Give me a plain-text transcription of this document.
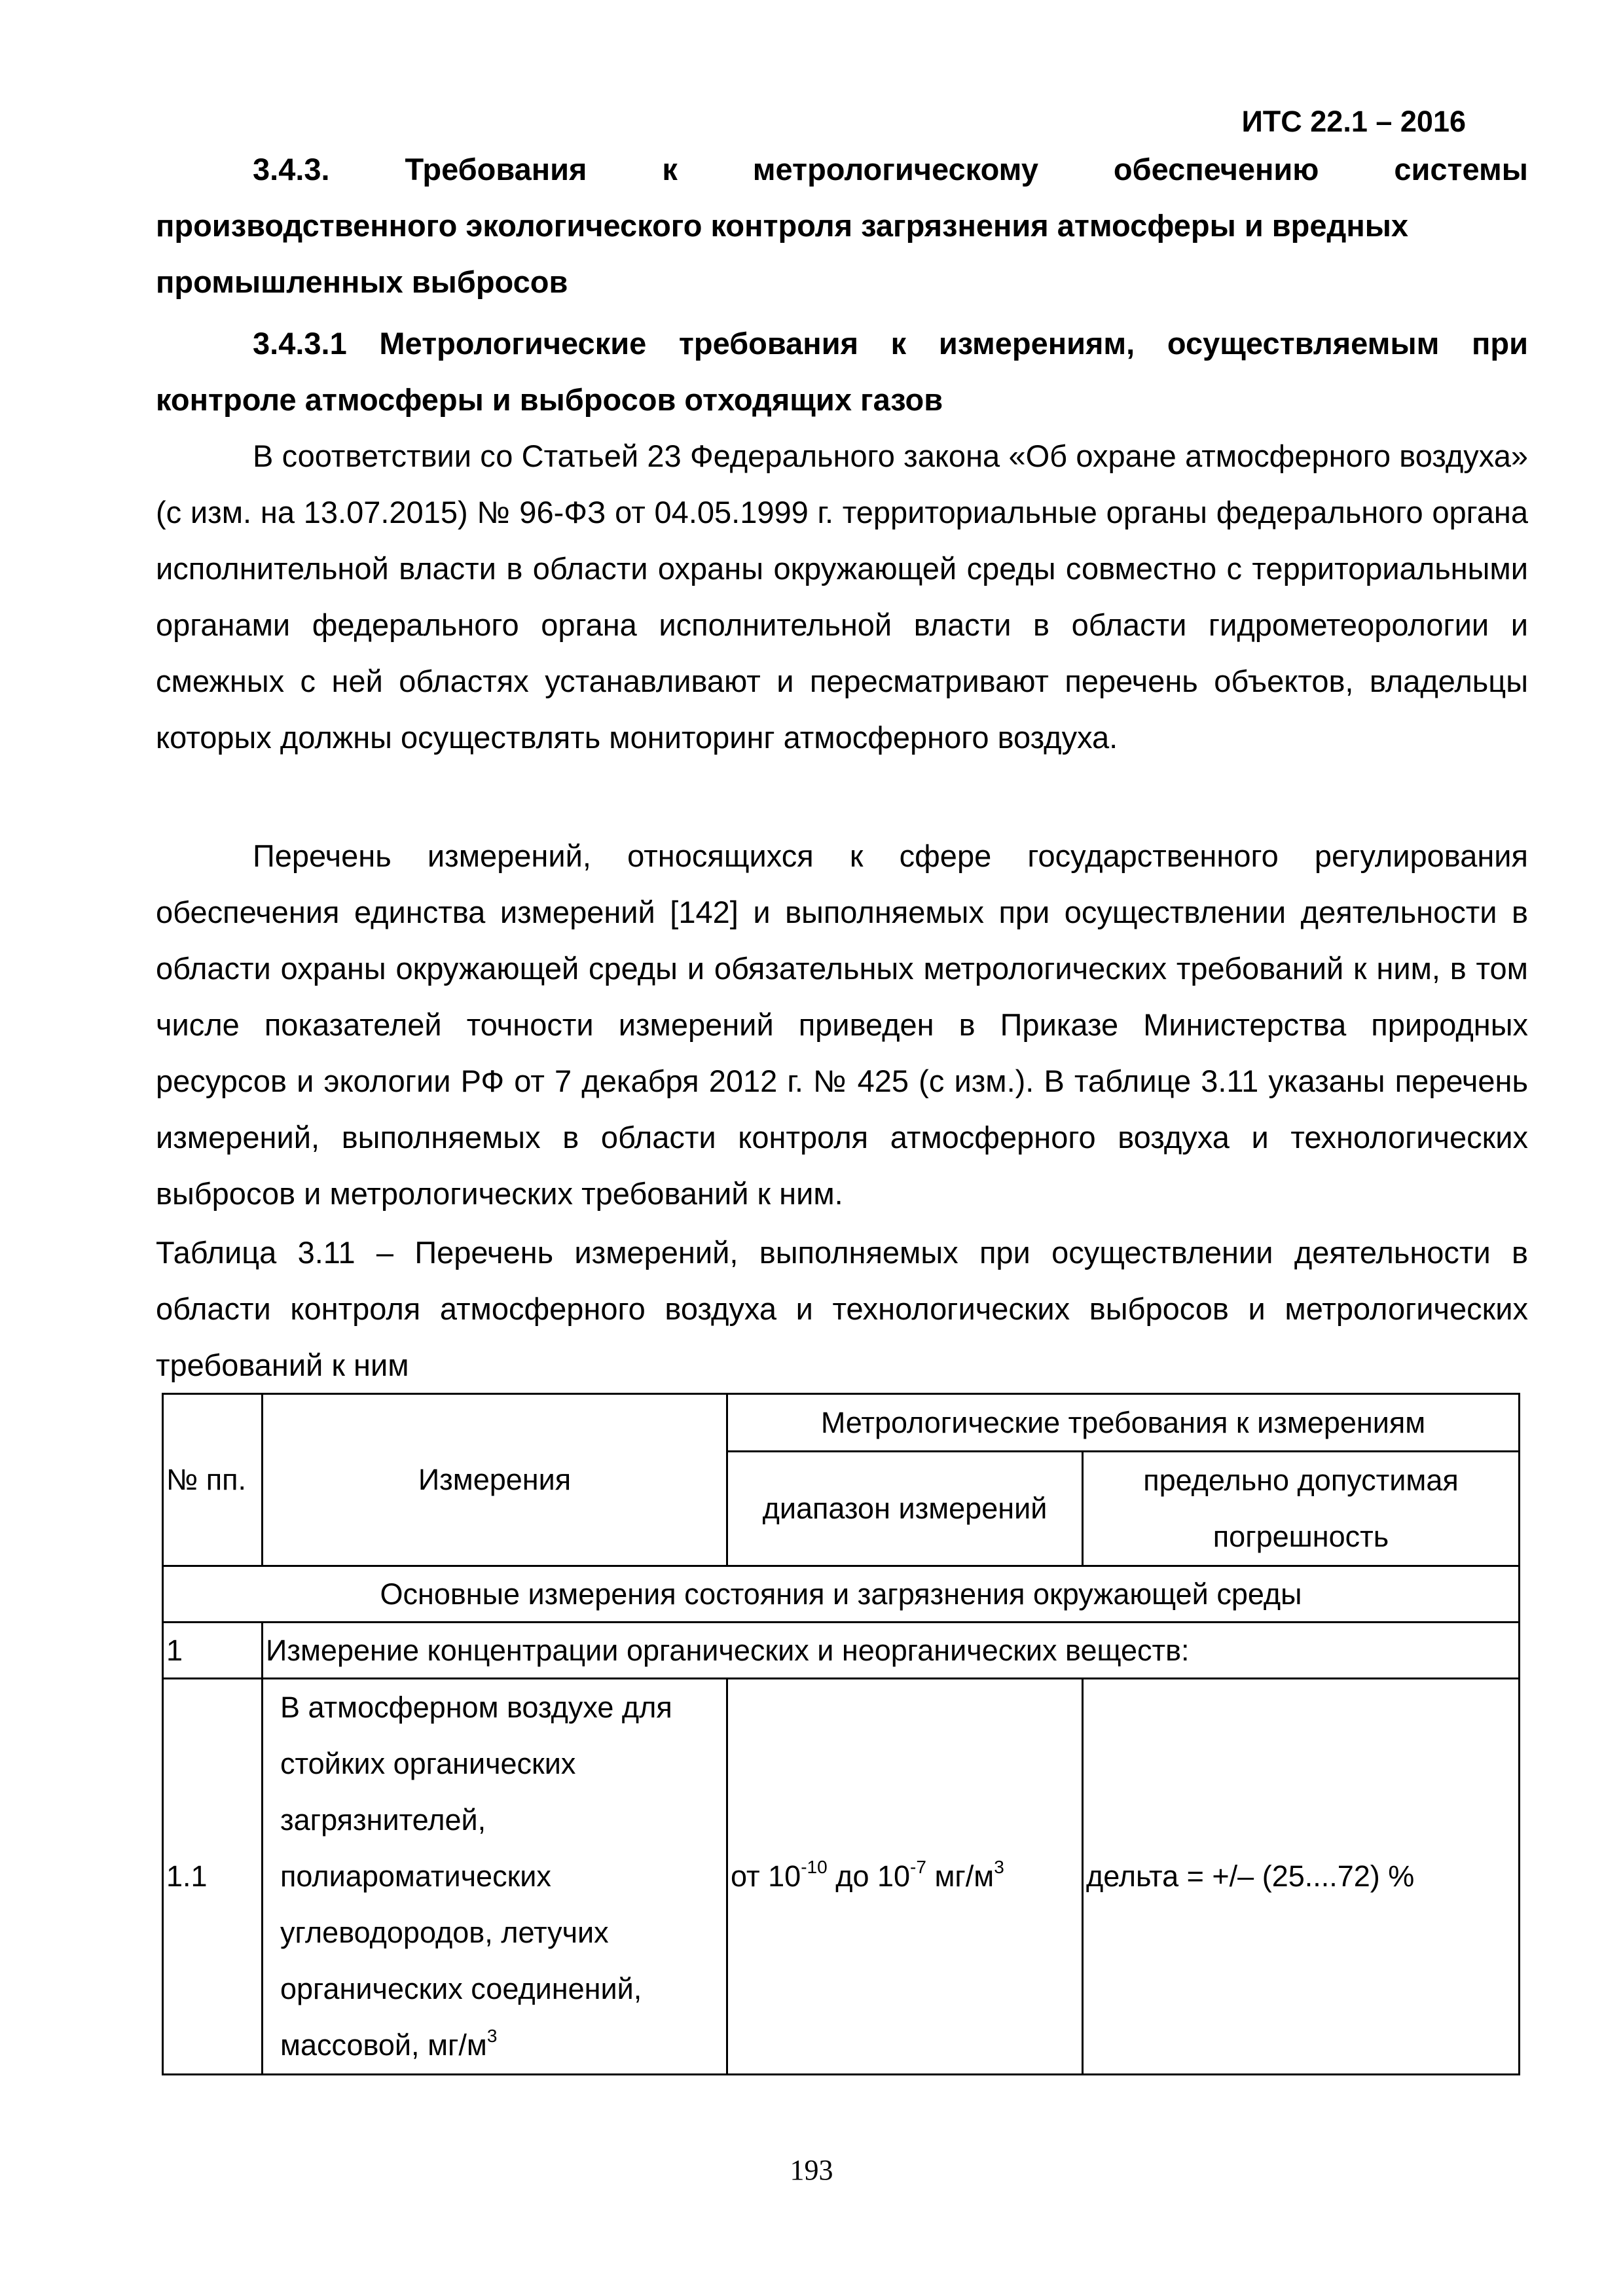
ИТС 22.1 – 2016
3.4.3. Требования к метрологическому обеспечению системы
производственного экологического контроля загрязнения атмосферы и вредных промышленных выбросов
3.4.3.1 Метрологические требования к измерениям, осуществляемым при контроле атмосферы и выбросов отходящих газов
В соответствии со Статьей 23 Федерального закона «Об охране атмосферного воздуха» (с изм. на 13.07.2015) № 96-ФЗ от 04.05.1999 г. территориальные органы федерального органа исполнительной власти в области охраны окружающей среды совместно с территориальными органами федерального органа исполнительной власти в области гидрометеорологии и смежных с ней областях устанавливают и пересматривают перечень объектов, владельцы которых должны осуществлять мониторинг атмосферного воздуха.
Перечень измерений, относящихся к сфере государственного регулирования обеспечения единства измерений [142] и выполняемых при осуществлении деятельности в области охраны окружающей среды и обязательных метрологических требований к ним, в том числе показателей точности измерений приведен в Приказе Министерства природных ресурсов и экологии РФ от 7 декабря 2012 г. № 425 (с изм.). В таблице 3.11 указаны перечень измерений, выполняемых в области контроля атмосферного воздуха и технологических выбросов и метрологических требований к ним.
Таблица 3.11 – Перечень измерений, выполняемых при осуществлении деятельности в области контроля атмосферного воздуха и технологических выбросов и метрологических требований к ним
№ пп.	Измерения	Метрологические требования к измерениям	
		диапазон измерений	предельно допустимая погрешность
Основные измерения состояния и загрязнения окружающей среды			
1	Измерение концентрации органических и неорганических веществ:		
1.1	В атмосферном воздухе для стойких органических загрязнителей, полиароматических углеводородов, летучих органических соединений, массовой, $мг/м^3$	от $10^{-10}$ до $10^{-7}$ $мг/м^3$	дельта = +/– (25....72) %
193
